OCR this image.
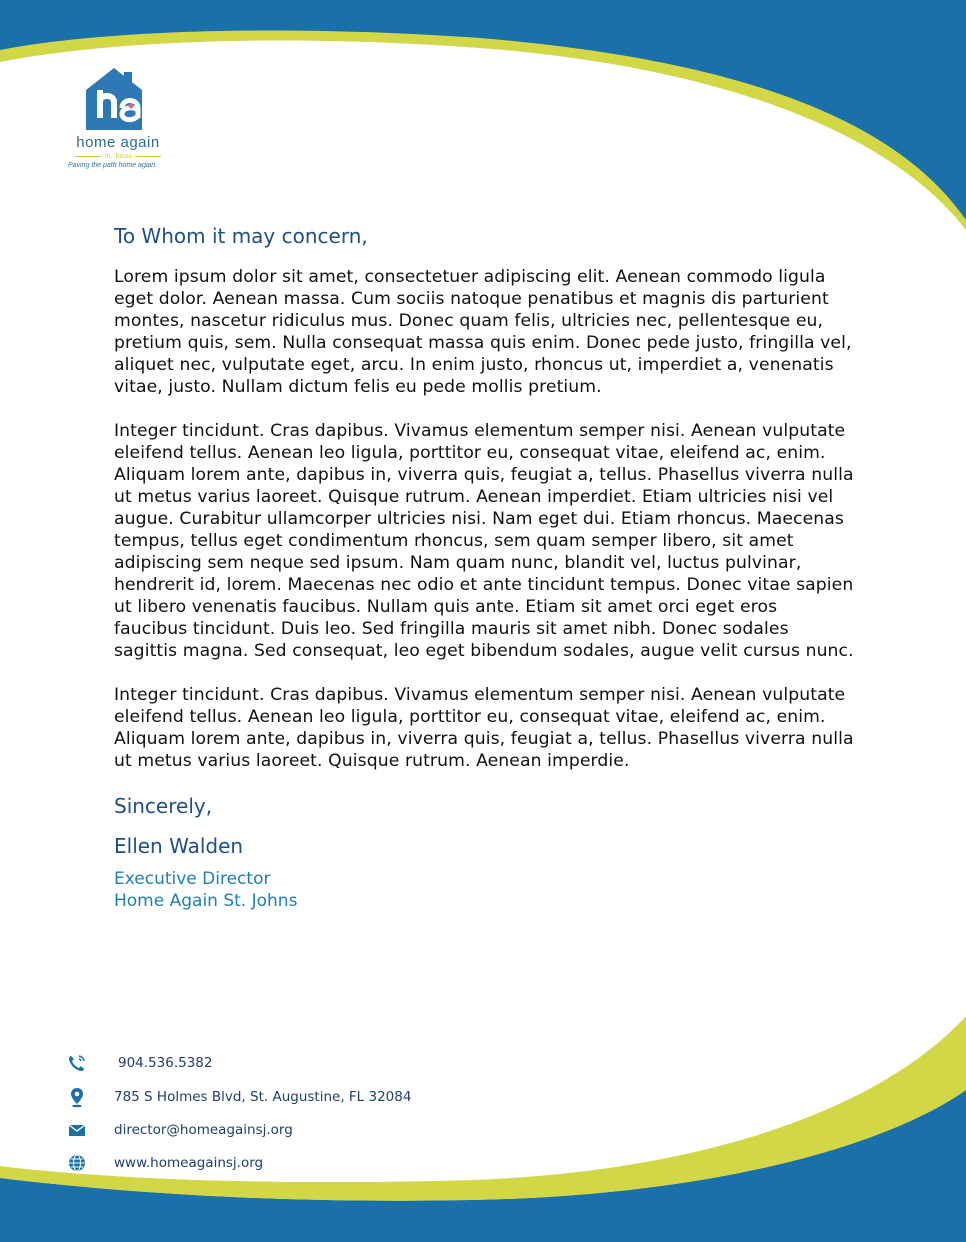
home again
St. Johns
Paving the path home again.
To Whom it may concern,

Lorem ipsum dolor sit amet, consectetuer adipiscing elit. Aenean commodo ligula eget dolor. Aenean massa. Cum sociis natoque penatibus et magnis dis parturient montes, nascetur ridiculus mus. Donec quam felis, ultricies nec, pellentesque eu, pretium quis, sem. Nulla consequat massa quis enim. Donec pede justo, fringilla vel, aliquet nec, vulputate eget, arcu. In enim justo, rhoncus ut, imperdiet a, venenatis vitae, justo. Nullam dictum felis eu pede mollis pretium.

Integer tincidunt. Cras dapibus. Vivamus elementum semper nisi. Aenean vulputate eleifend tellus. Aenean leo ligula, porttitor eu, consequat vitae, eleifend ac, enim. Aliquam lorem ante, dapibus in, viverra quis, feugiat a, tellus. Phasellus viverra nulla ut metus varius laoreet. Quisque rutrum. Aenean imperdiet. Etiam ultricies nisi vel augue. Curabitur ullamcorper ultricies nisi. Nam eget dui. Etiam rhoncus. Maecenas tempus, tellus eget condimentum rhoncus, sem quam semper libero, sit amet adipiscing sem neque sed ipsum. Nam quam nunc, blandit vel, luctus pulvinar, hendrerit id, lorem. Maecenas nec odio et ante tincidunt tempus. Donec vitae sapien ut libero venenatis faucibus. Nullam quis ante. Etiam sit amet orci eget eros faucibus tincidunt. Duis leo. Sed fringilla mauris sit amet nibh. Donec sodales sagittis magna. Sed consequat, leo eget bibendum sodales, augue velit cursus nunc.

Integer tincidunt. Cras dapibus. Vivamus elementum semper nisi. Aenean vulputate eleifend tellus. Aenean leo ligula, porttitor eu, consequat vitae, eleifend ac, enim. Aliquam lorem ante, dapibus in, viverra quis, feugiat a, tellus. Phasellus viverra nulla ut metus varius laoreet. Quisque rutrum. Aenean imperdie.

Sincerely,
Ellen Walden

Executive Director

Home Again St. Johns

904.536.5382
785 S Holmes Blvd, St. Augustine, FL 32084
director@homeagainsj.org
www.homeagainsj.org
